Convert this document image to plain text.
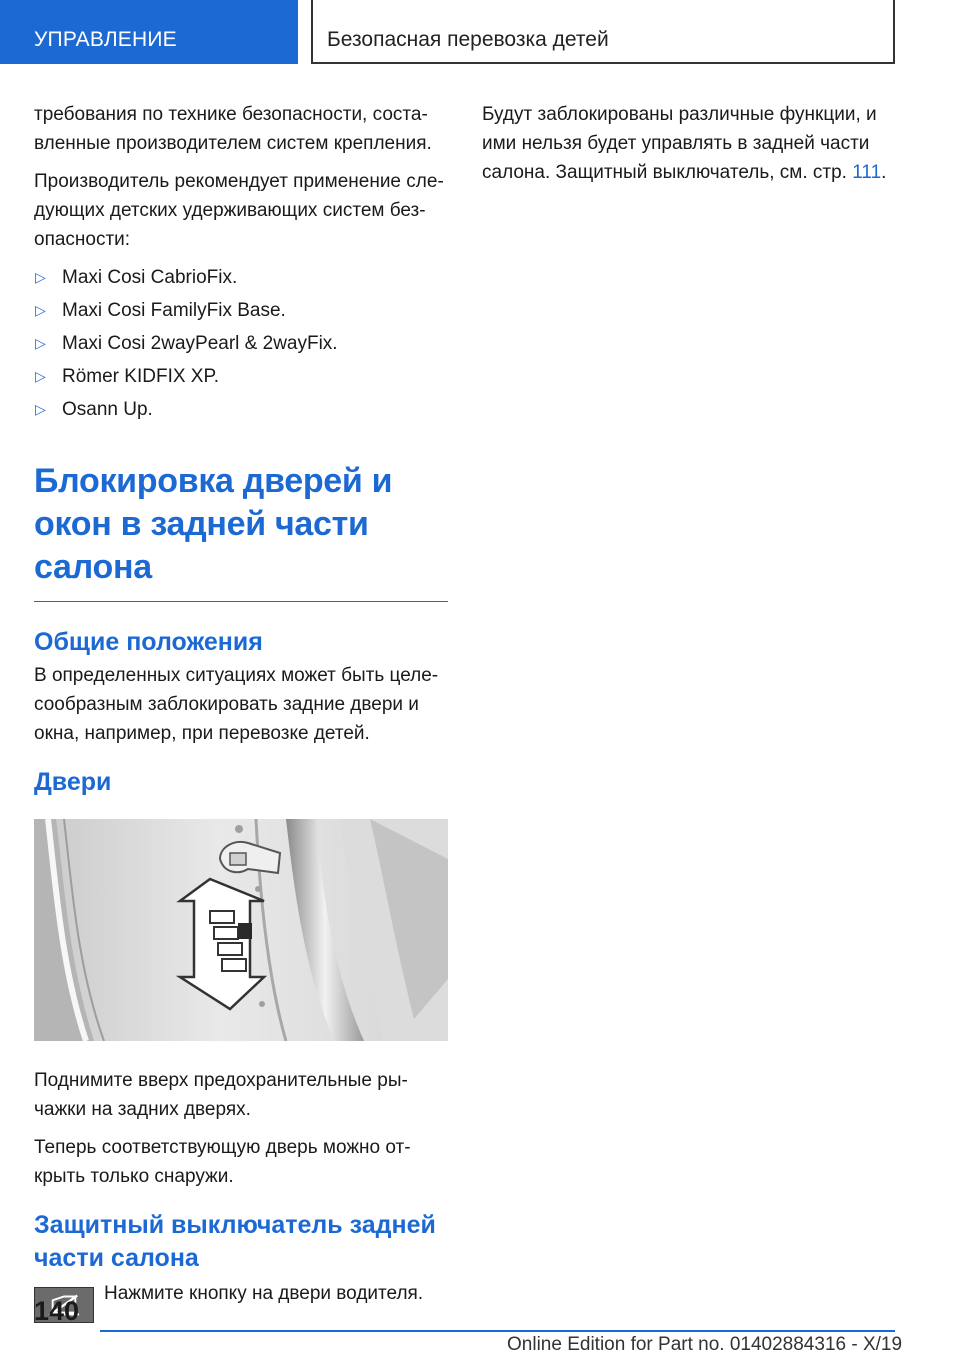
УПРАВЛЕНИЕ	Безопасная перевозка детей

требования по технике безопасности, составленные производителем систем крепления.

Производитель рекомендует применение следующих детских удерживающих систем безопасности:

▷ Maxi Cosi CabrioFix.
▷ Maxi Cosi FamilyFix Base.
▷ Maxi Cosi 2wayPearl & 2wayFix.
▷ Römer KIDFIX XP.
▷ Osann Up.
Блокировка дверей и окон в задней части салона
Общие положения

В определенных ситуациях может быть целесообразным заблокировать задние двери и окна, например, при перевозке детей.

Двери

Поднимите вверх предохранительные рычажки на задних дверях.

Теперь соответствующую дверь можно открыть только снаружи.

Защитный выключатель задней части салона
Нажмите кнопку на двери водителя.

Будут заблокированы различные функции, и ими нельзя будет управлять в задней части салона. Защитный выключатель, см. стр. 111.

140
Online Edition for Part no. 01402884316 - X/19
